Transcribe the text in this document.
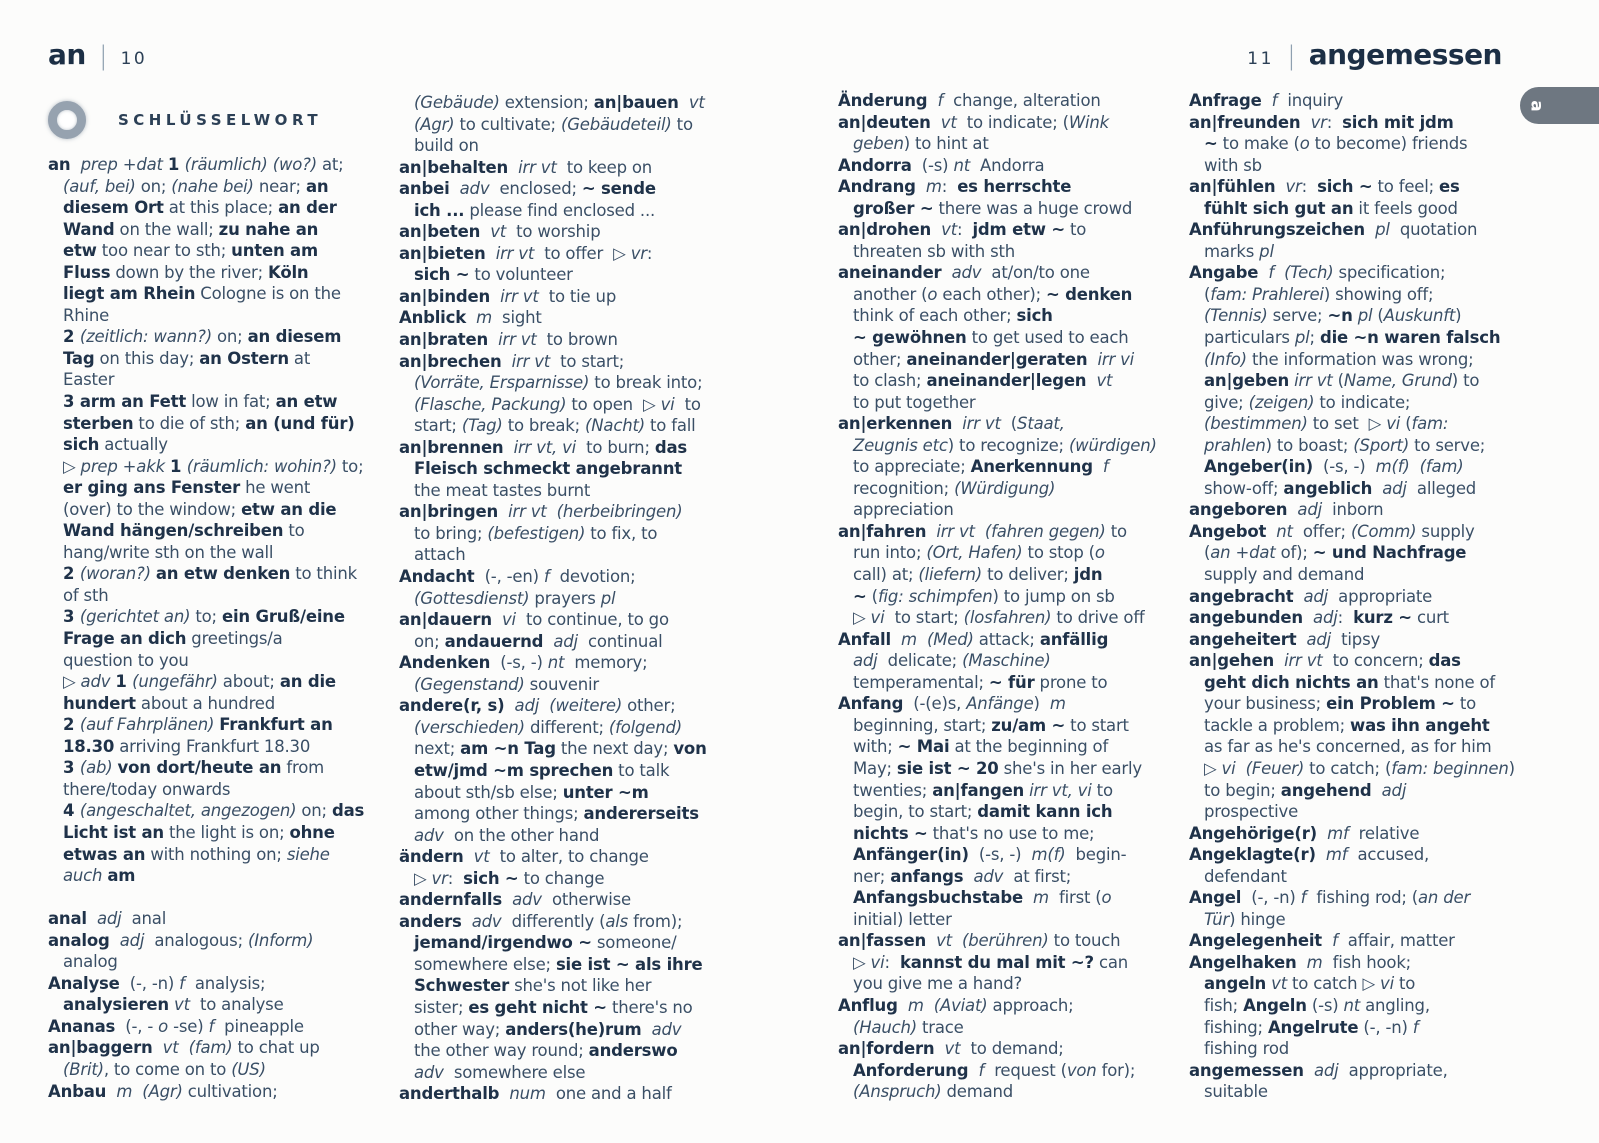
an | 10	11 | angemessen
SCHLÜSSELWORT
a
an prep +dat 1 (räumlich) (wo?) at;
(auf, bei) on; (nahe bei) near; an
diesem Ort at this place; an der
Wand on the wall; zu nahe an
etw too near to sth; unten am
Fluss down by the river; Köln
liegt am Rhein Cologne is on the
Rhine
2 (zeitlich: wann?) on; an diesem
Tag on this day; an Ostern at
Easter
3 arm an Fett low in fat; an etw
sterben to die of sth; an (und für)
sich actually
▷ prep +akk 1 (räumlich: wohin?) to;
er ging ans Fenster he went
(over) to the window; etw an die
Wand hängen/schreiben to
hang/write sth on the wall
2 (woran?) an etw denken to think
of sth
3 (gerichtet an) to; ein Gruß/eine
Frage an dich greetings/a
question to you
▷ adv 1 (ungefähr) about; an die
hundert about a hundred
2 (auf Fahrplänen) Frankfurt an
18.30 arriving Frankfurt 18.30
3 (ab) von dort/heute an from
there/today onwards
4 (angeschaltet, angezogen) on; das
Licht ist an the light is on; ohne
etwas an with nothing on; siehe
auch am
anal adj  anal
analog adj  analogous; (Inform)
analog
Analyse  (-, -n) f  analysis;
analysieren vt  to analyse
Ananas  (-, - o -se) f  pineapple
an|baggern vt (fam) to chat up
(Brit), to come on to (US)
Anbau m (Agr) cultivation;
(Gebäude) extension; an|bauen vt
(Agr) to cultivate; (Gebäudeteil) to
build on
an|behalten irr vt  to keep on
anbei adv  enclosed; ~ sende
ich ... please find enclosed ...
an|beten vt  to worship
an|bieten irr vt  to offer  ▷ vr:
sich ~ to volunteer
an|binden irr vt  to tie up
Anblick m  sight
an|braten irr vt  to brown
an|brechen irr vt  to start;
(Vorräte, Ersparnisse) to break into;
(Flasche, Packung) to open  ▷ vi  to
start; (Tag) to break; (Nacht) to fall
an|brennen irr vt, vi  to burn; das
Fleisch schmeckt angebrannt
the meat tastes burnt
an|bringen irr vt (herbeibringen)
to bring; (befestigen) to fix, to
attach
Andacht  (-, -en) f  devotion;
(Gottesdienst) prayers pl
an|dauern vi  to continue, to go
on; andauernd adj  continual
Andenken  (-s, -) nt  memory;
(Gegenstand) souvenir
andere(r, s) adj (weitere) other;
(verschieden) different; (folgend)
next; am ~n Tag the next day; von
etw/jmd ~m sprechen to talk
about sth/sb else; unter ~m
among other things; andererseits
adv  on the other hand
ändern vt  to alter, to change
▷ vr:  sich ~ to change
andernfalls adv  otherwise
anders adv  differently (als from);
jemand/irgendwo ~ someone/
somewhere else; sie ist ~ als ihre
Schwester she's not like her
sister; es geht nicht ~ there's no
other way; anders(he)rum adv
the other way round; anderswo
adv  somewhere else
anderthalb num  one and a half
Änderung f  change, alteration
an|deuten vt  to indicate; (Wink
geben) to hint at
Andorra  (-s) nt  Andorra
Andrang m:  es herrschte
großer ~ there was a huge crowd
an|drohen vt:  jdm etw ~ to
threaten sb with sth
aneinander adv  at/on/to one
another (o each other); ~ denken
think of each other; sich
~ gewöhnen to get used to each
other; aneinander|geraten irr vi
to clash; aneinander|legen vt
to put together
an|erkennen irr vt  (Staat,
Zeugnis etc) to recognize; (würdigen)
to appreciate; Anerkennung f
recognition; (Würdigung)
appreciation
an|fahren irr vt (fahren gegen) to
run into; (Ort, Hafen) to stop (o
call) at; (liefern) to deliver; jdn
~ (fig: schimpfen) to jump on sb
▷ vi  to start; (losfahren) to drive off
Anfall m (Med) attack; anfällig
adj  delicate; (Maschine)
temperamental; ~ für prone to
Anfang  (-(e)s, Anfänge)  m
beginning, start; zu/am ~ to start
with; ~ Mai at the beginning of
May; sie ist ~ 20 she's in her early
twenties; an|fangen irr vt, vi to
begin, to start; damit kann ich
nichts ~ that's no use to me;
Anfänger(in)  (-s, -)  m(f)  begin-
ner; anfangs adv  at first;
Anfangsbuchstabe m  first (o
initial) letter
an|fassen vt (berühren) to touch
▷ vi:  kannst du mal mit ~? can
you give me a hand?
Anflug m (Aviat) approach;
(Hauch) trace
an|fordern vt  to demand;
Anforderung f  request (von for);
(Anspruch) demand
Anfrage f  inquiry
an|freunden vr:  sich mit jdm
~ to make (o to become) friends
with sb
an|fühlen vr:  sich ~ to feel; es
fühlt sich gut an it feels good
Anführungszeichen pl  quotation
marks pl
Angabe f (Tech) specification;
(fam: Prahlerei) showing off;
(Tennis) serve; ~n pl (Auskunft)
particulars pl; die ~n waren falsch
(Info) the information was wrong;
an|geben irr vt (Name, Grund) to
give; (zeigen) to indicate;
(bestimmen) to set  ▷ vi (fam:
prahlen) to boast; (Sport) to serve;
Angeber(in)  (-s, -)  m(f) (fam)
show-off; angeblich adj  alleged
angeboren adj  inborn
Angebot nt  offer; (Comm) supply
(an +dat of); ~ und Nachfrage
supply and demand
angebracht adj  appropriate
angebunden adj:  kurz ~ curt
angeheitert adj  tipsy
an|gehen irr vt  to concern; das
geht dich nichts an that's none of
your business; ein Problem ~ to
tackle a problem; was ihn angeht
as far as he's concerned, as for him
▷ vi (Feuer) to catch; (fam: beginnen)
to begin; angehend adj
prospective
Angehörige(r) mf  relative
Angeklagte(r) mf  accused,
defendant
Angel  (-, -n) f  fishing rod; (an der
Tür) hinge
Angelegenheit f  affair, matter
Angelhaken m  fish hook;
angeln vt to catch ▷ vi to
fish; Angeln (-s) nt angling,
fishing; Angelrute (-, -n) f
fishing rod
angemessen adj  appropriate,
suitable
